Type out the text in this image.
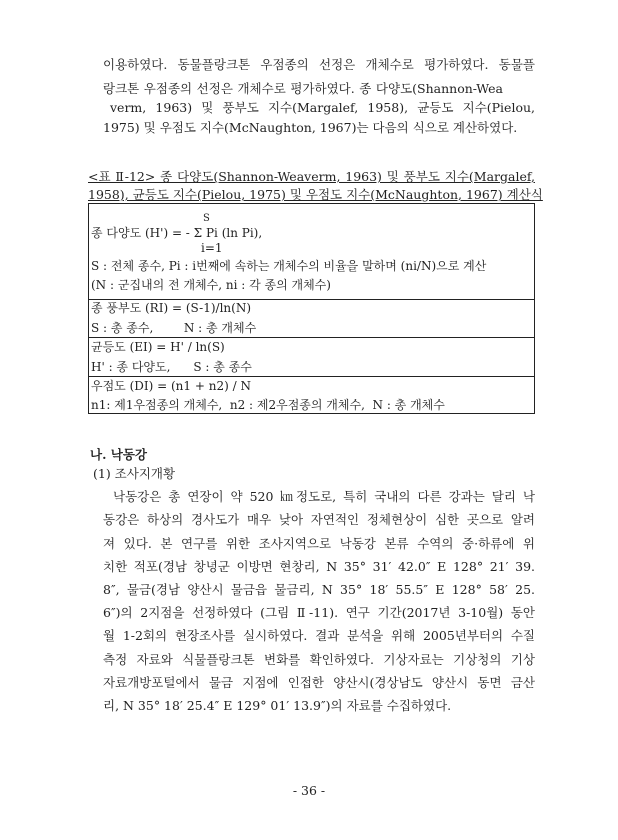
이용하였다. 동물플랑크톤 우점종의 선정은 개체수로 평가하였다. 동물플
랑크톤 우점종의 선정은 개체수로 평가하였다. 종 다양도(Shannon-Wea
verm, 1963) 및 풍부도 지수(Margalef, 1958), 균등도 지수(Pielou,
1975) 및 우점도 지수(McNaughton, 1967)는 다음의 식으로 계산하였다.
<표 Ⅱ-12> 종 다양도(Shannon-Weaverm, 1963) 및 풍부도 지수(Margalef,
1958), 균등도 지수(Pielou, 1975) 및 우점도 지수(McNaughton, 1967) 계산식
S
종 다양도 (H') = - Σ Pi (ln Pi),
i=1
S : 전체 종수, Pi : i번째에 속하는 개체수의 비율을 말하며 (ni/N)으로 계산
(N : 군집내의 전 개체수, ni : 각 종의 개체수)
종 풍부도 (RI) = (S-1)/ln(N)
S : 총 종수,        N : 총 개체수
균등도 (EI) = H' / ln(S)
H' : 종 다양도,      S : 총 종수
우점도 (DI) = (n1 + n2) / N
n1: 제1우점종의 개체수,  n2 : 제2우점종의 개체수,  N : 총 개체수
나. 낙동강
(1) 조사지개황
낙동강은 총 연장이 약 520 ㎞정도로, 특히 국내의 다른 강과는 달리 낙
동강은 하상의 경사도가 매우 낮아 자연적인 정체현상이 심한 곳으로 알려
져 있다. 본 연구를 위한 조사지역으로 낙동강 본류 수역의 중·하류에 위
치한 적포(경남 창녕군 이방면 현창리, N 35° 31′ 42.0″ E 128° 21′ 39.
8″, 물금(경남 양산시 물금읍 물금리, N 35° 18′ 55.5″ E 128° 58′ 25.
6″)의 2지점을 선정하였다 (그림 Ⅱ-11). 연구 기간(2017년 3-10월) 동안
월 1-2회의 현장조사를 실시하였다. 결과 분석을 위해 2005년부터의 수질
측정 자료와 식물플랑크톤 변화를 확인하였다. 기상자료는 기상청의 기상
자료개방포털에서 물금 지점에 인접한 양산시(경상남도 양산시 동면 금산
리, N 35° 18′ 25.4″ E 129° 01′ 13.9″)의 자료를 수집하였다.
- 36 -
